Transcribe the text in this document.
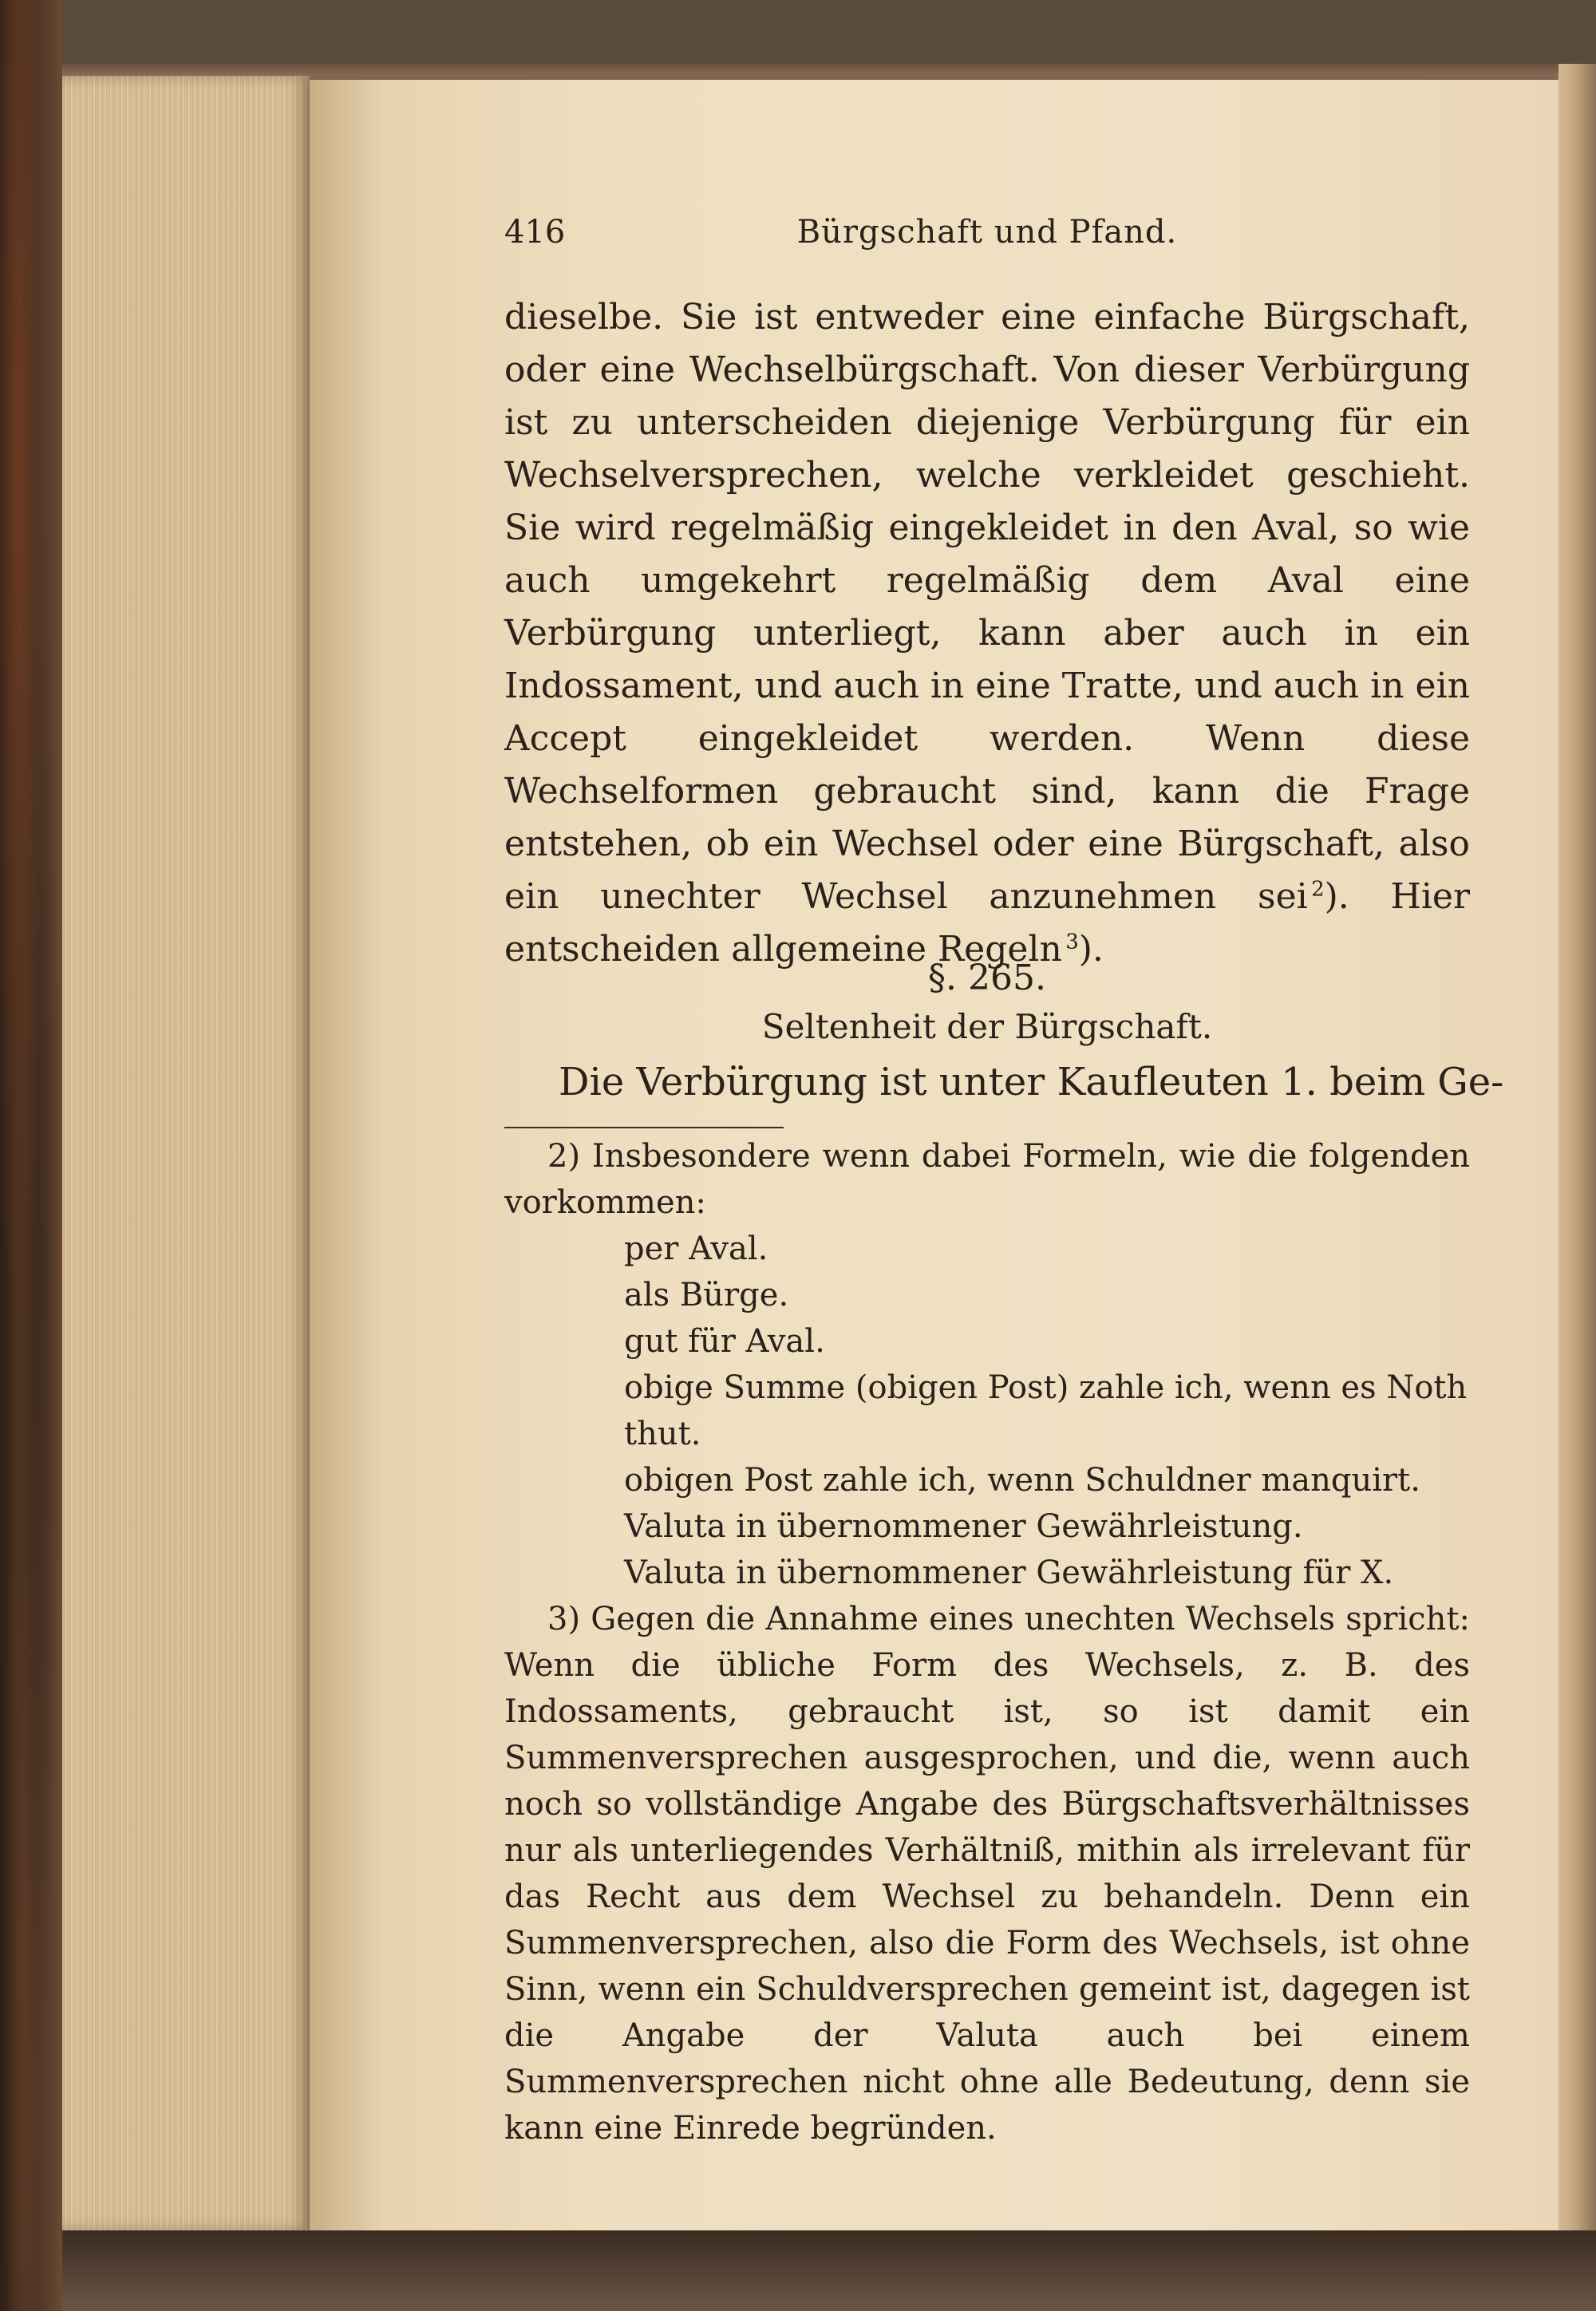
416	Bürgschaft und Pfand.

dieselbe. Sie ist entweder eine einfache Bürgschaft, oder eine Wechselbürgschaft. Von dieser Verbürgung ist zu unterscheiden diejenige Verbürgung für ein Wechselversprechen, welche verkleidet geschieht. Sie wird regelmäßig eingekleidet in den Aval, so wie auch umgekehrt regelmäßig dem Aval eine Verbürgung unterliegt, kann aber auch in ein Indossament, und auch in eine Tratte, und auch in ein Accept eingekleidet werden. Wenn diese Wechselformen gebraucht sind, kann die Frage entstehen, ob ein Wechsel oder eine Bürgschaft, also ein unechter Wechsel anzunehmen sei  $^2$). Hier entscheiden allgemeine Regeln  $^3$).

§. 265.
Seltenheit der Bürgschaft.
Die Verbürgung ist unter Kaufleuten 1. beim Ge-

2) Insbesondere wenn dabei Formeln, wie die folgenden vorkommen:

per Aval.
als Bürge.
gut für Aval.
obige Summe (obigen Post) zahle ich, wenn es Noth thut.
obigen Post zahle ich, wenn Schuldner manquirt.
Valuta in übernommener Gewährleistung.
Valuta in übernommener Gewährleistung für X.

3) Gegen die Annahme eines unechten Wechsels spricht: Wenn die übliche Form des Wechsels, z. B. des Indossaments, gebraucht ist, so ist damit ein Summenversprechen ausgesprochen, und die, wenn auch noch so vollständige Angabe des Bürgschaftsverhältnisses nur als unterliegendes Verhältniß, mithin als irrelevant für das Recht aus dem Wechsel zu behandeln. Denn ein Summenversprechen, also die Form des Wechsels, ist ohne Sinn, wenn ein Schuldversprechen gemeint ist, dagegen ist die Angabe der Valuta auch bei einem Summenversprechen nicht ohne alle Bedeutung, denn sie kann eine Einrede begründen.
